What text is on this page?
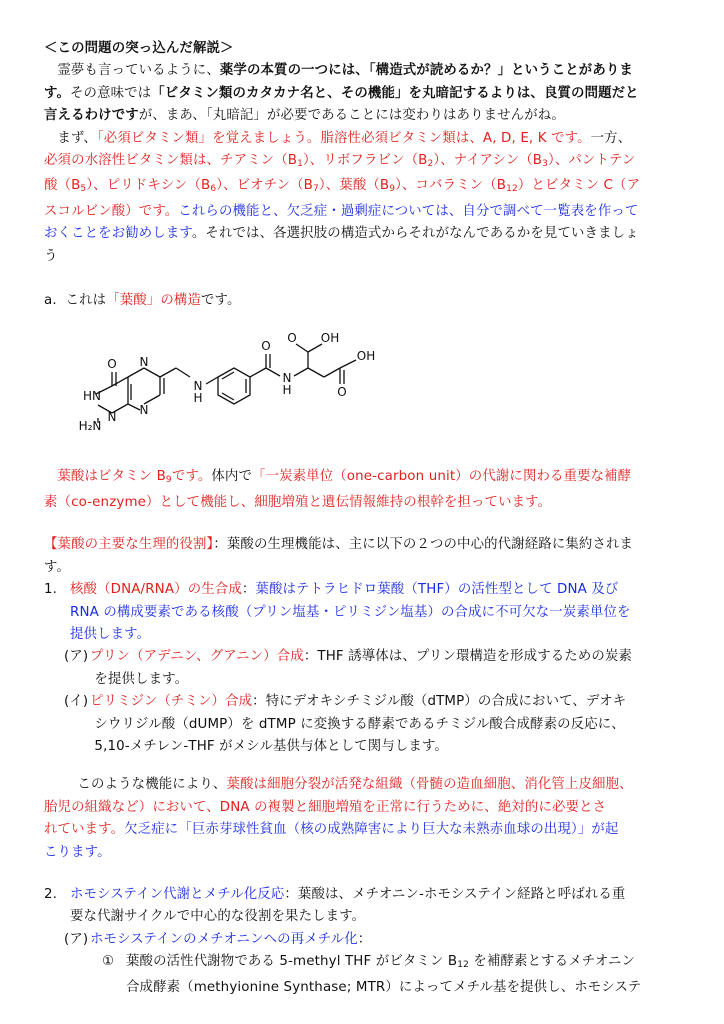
＜この問題の突っ込んだ解説＞

霊夢も言っているように、薬学の本質の一つには、「構造式が読めるか？」ということがありま
す。その意味では「ビタミン類のカタカナ名と、その機能」を丸暗記するよりは、良質の問題だと
言えるわけですが、まあ、「丸暗記」が必要であることには変わりはありませんがね。

まず、「必須ビタミン類」を覚えましょう。脂溶性必須ビタミン類は、A, D, E, K です。一方、
必須の水溶性ビタミン類は、チアミン$(B_1)$、リボフラビン$(B_2)$、ナイアシン$(B_3)$、パントテン
酸$(B_5)$、ピリドキシン$(B_6)$、ビオチン$(B_7)$、葉酸$(B_9)$、コバラミン$(B_{12})$とビタミン C（ア
スコルビン酸）です。これらの機能と、欠乏症・過剰症については、自分で調べて一覧表を作って
おくことをお勧めします。それでは、各選択肢の構造式からそれがなんであるかを見ていきましょ
う

a. これは「葉酸」の構造です。

葉酸はビタミン $B_9$です。体内で「一炭素単位（one-carbon unit）の代謝に関わる重要な補酵
素（co-enzyme）として機能し、細胞増殖と遺伝情報維持の根幹を担っています。

【葉酸の主要な生理的役割】：葉酸の生理機能は、主に以下の２つの中心的代謝経路に集約されま
す。

1. 核酸（DNA/RNA）の生合成：葉酸はテトラヒドロ葉酸（THF）の活性型として DNA 及び
RNA の構成要素である核酸（プリン塩基・ピリミジン塩基）の合成に不可欠な一炭素単位を
提供します。
(ア) プリン（アデニン、グアニン）合成：THF 誘導体は、プリン環構造を形成するための炭素
を提供します。
(イ) ピリミジン（チミン）合成：特にデオキシチミジル酸（dTMP）の合成において、デオキ
シウリジル酸（dUMP）を dTMP に変換する酵素であるチミジル酸合成酵素の反応に、
5,10-メチレン-THF がメシル基供与体として関与します。

このような機能により、葉酸は細胞分裂が活発な組織（骨髄の造血細胞、消化管上皮細胞、
胎児の組織など）において、DNA の複製と細胞増殖を正常に行うために、絶対的に必要とさ
れています。欠乏症に「巨赤芽球性貧血（核の成熟障害により巨大な未熟赤血球の出現）」が起
こります。

2. ホモシステイン代謝とメチル化反応：葉酸は、メチオニン-ホモシステイン経路と呼ばれる重
要な代謝サイクルで中心的な役割を果たします。
(ア) ホモシステインのメチオニンへの再メチル化：
① 葉酸の活性代謝物である 5-methyl THF がビタミン $B_{12}$ を補酵素とするメチオニン
合成酵素（methyionine Synthase; MTR）によってメチル基を提供し、ホモシステ
O
HN
H₂N
N N
N
N
H
O
N
H
O OH
OH
O
